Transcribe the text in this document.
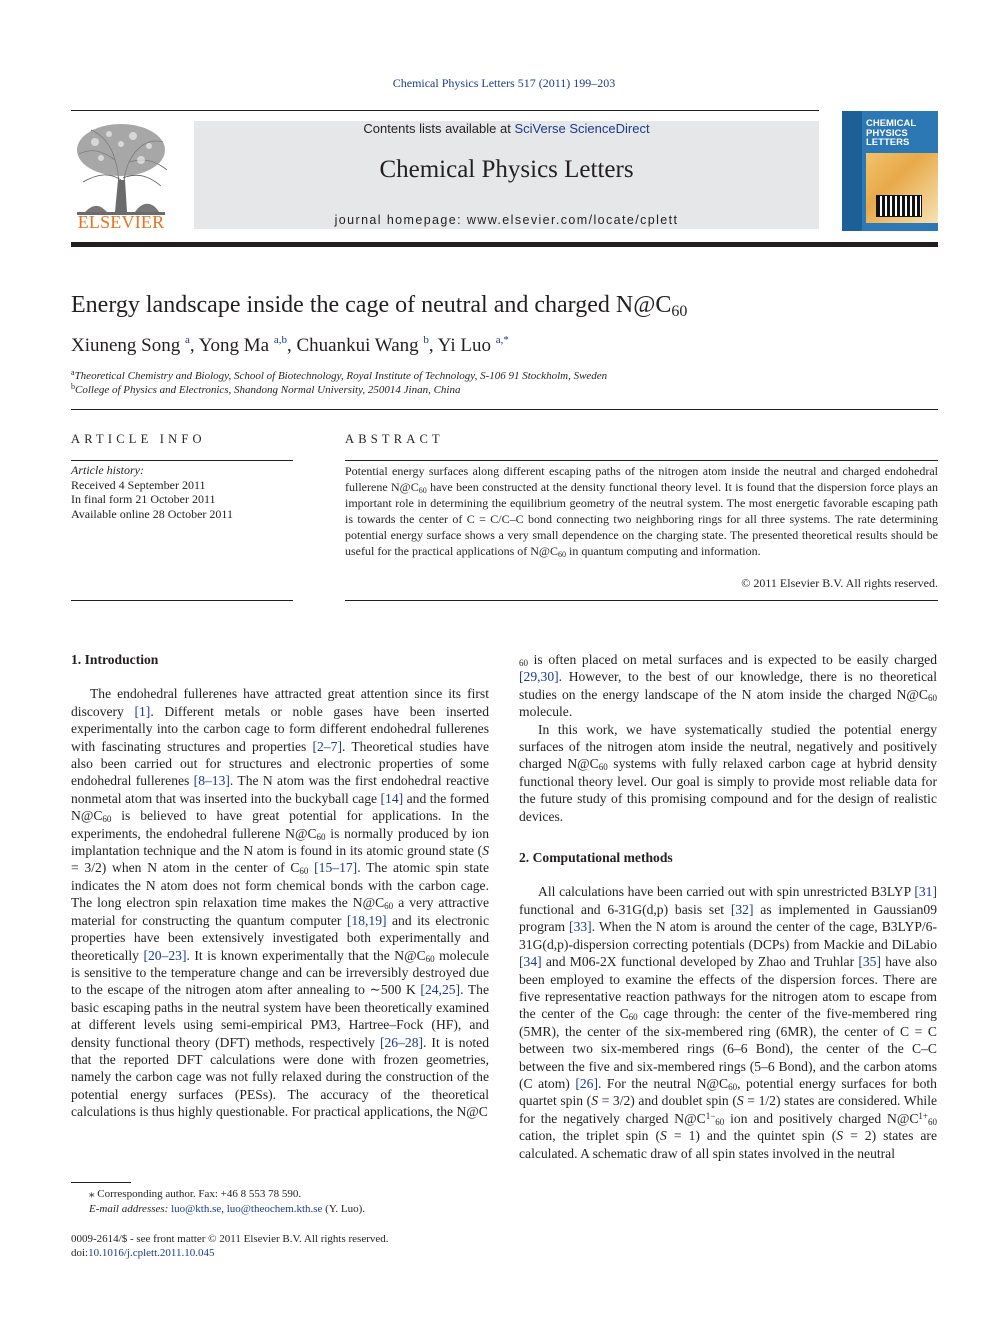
Chemical Physics Letters 517 (2011) 199–203
ELSEVIER
Contents lists available at SciVerse ScienceDirect
Chemical Physics Letters
journal homepage: www.elsevier.com/locate/cplett
CHEMICAL
PHYSICS
LETTERS
Energy landscape inside the cage of neutral and charged $N@C_{60}$
Xiuneng Song $^a$, Yong Ma $^{a,b}$, Chuankui Wang $^b$, Yi Luo $^{a,*}$
$^a$Theoretical Chemistry and Biology, School of Biotechnology, Royal Institute of Technology, S-106 91 Stockholm, Sweden
$^b$College of Physics and Electronics, Shandong Normal University, 250014 Jinan, China
ARTICLE INFO	ABSTRACT
Article history:
Received 4 September 2011
In final form 21 October 2011
Available online 28 October 2011
Potential energy surfaces along different escaping paths of the nitrogen atom inside the neutral and charged endohedral fullerene $N@C_{60}$ have been constructed at the density functional theory level. It is found that the dispersion force plays an important role in determining the equilibrium geometry of the neutral system. The most energetic favorable escaping path is towards the center of C = C/C–C bond connecting two neighboring rings for all three systems. The rate determining potential energy surface shows a very small dependence on the charging state. The presented theoretical results should be useful for the practical applications of $N@C_{60}$ in quantum computing and information.
© 2011 Elsevier B.V. All rights reserved.
1. Introduction

The endohedral fullerenes have attracted great attention since its first discovery [1]. Different metals or noble gases have been inserted experimentally into the carbon cage to form different endohedral fullerenes with fascinating structures and properties [2–7]. Theoretical studies have also been carried out for structures and electronic properties of some endohedral fullerenes [8–13]. The N atom was the first endohedral reactive nonmetal atom that was inserted into the buckyball cage [14] and the formed $N@C_{60}$ is believed to have great potential for applications. In the experiments, the endohedral fullerene $N@C_{60}$ is normally produced by ion implantation technique and the N atom is found in its atomic ground state (S = 3/2) when N atom in the center of $C_{60}$ [15–17]. The atomic spin state indicates the N atom does not form chemical bonds with the carbon cage. The long electron spin relaxation time makes the $N@C_{60}$ a very attractive material for constructing the quantum computer [18,19] and its electronic properties have been extensively investigated both experimentally and theoretically [20–23]. It is known experimentally that the $N@C_{60}$ molecule is sensitive to the temperature change and can be irreversibly destroyed due to the escape of the nitrogen atom after annealing to ∼500 K [24,25]. The basic escaping paths in the neutral system have been theoretically examined at different levels using semi-empirical PM3, Hartree–Fock (HF), and density functional theory (DFT) methods, respectively [26–28]. It is noted that the reported DFT calculations were done with frozen geometries, namely the carbon cage was not fully relaxed during the construction of the potential energy surfaces (PESs). The accuracy of the theoretical calculations is thus highly questionable. For practical applications, the N@C

$_{60}$ is often placed on metal surfaces and is expected to be easily charged [29,30]. However, to the best of our knowledge, there is no theoretical studies on the energy landscape of the N atom inside the charged $N@C_{60}$ molecule.

In this work, we have systematically studied the potential energy surfaces of the nitrogen atom inside the neutral, negatively and positively charged $N@C_{60}$ systems with fully relaxed carbon cage at hybrid density functional theory level. Our goal is simply to provide most reliable data for the future study of this promising compound and for the design of realistic devices.

2. Computational methods

All calculations have been carried out with spin unrestricted B3LYP [31] functional and 6-31G(d,p) basis set [32] as implemented in Gaussian09 program [33]. When the N atom is around the center of the cage, B3LYP/6-31G(d,p)-dispersion correcting potentials (DCPs) from Mackie and DiLabio [34] and M06-2X functional developed by Zhao and Truhlar [35] have also been employed to examine the effects of the dispersion forces. There are five representative reaction pathways for the nitrogen atom to escape from the center of the $C_{60}$ cage through: the center of the five-membered ring (5MR), the center of the six-membered ring (6MR), the center of C = C between two six-membered rings (6–6 Bond), the center of the C–C between the five and six-membered rings (5–6 Bond), and the carbon atoms (C atom) [26]. For the neutral $N@C_{60}$, potential energy surfaces for both quartet spin (S = 3/2) and doublet spin (S = 1/2) states are considered. While for the negatively charged $N@C^{1-}_{60}$ ion and positively charged $N@C^{1+}_{60}$ cation, the triplet spin (S = 1) and the quintet spin (S = 2) states are calculated. A schematic draw of all spin states involved in the neutral

⁎ Corresponding author. Fax: +46 8 553 78 590.
E-mail addresses: luo@kth.se, luo@theochem.kth.se (Y. Luo).
0009-2614/$ - see front matter © 2011 Elsevier B.V. All rights reserved.
doi:10.1016/j.cplett.2011.10.045
